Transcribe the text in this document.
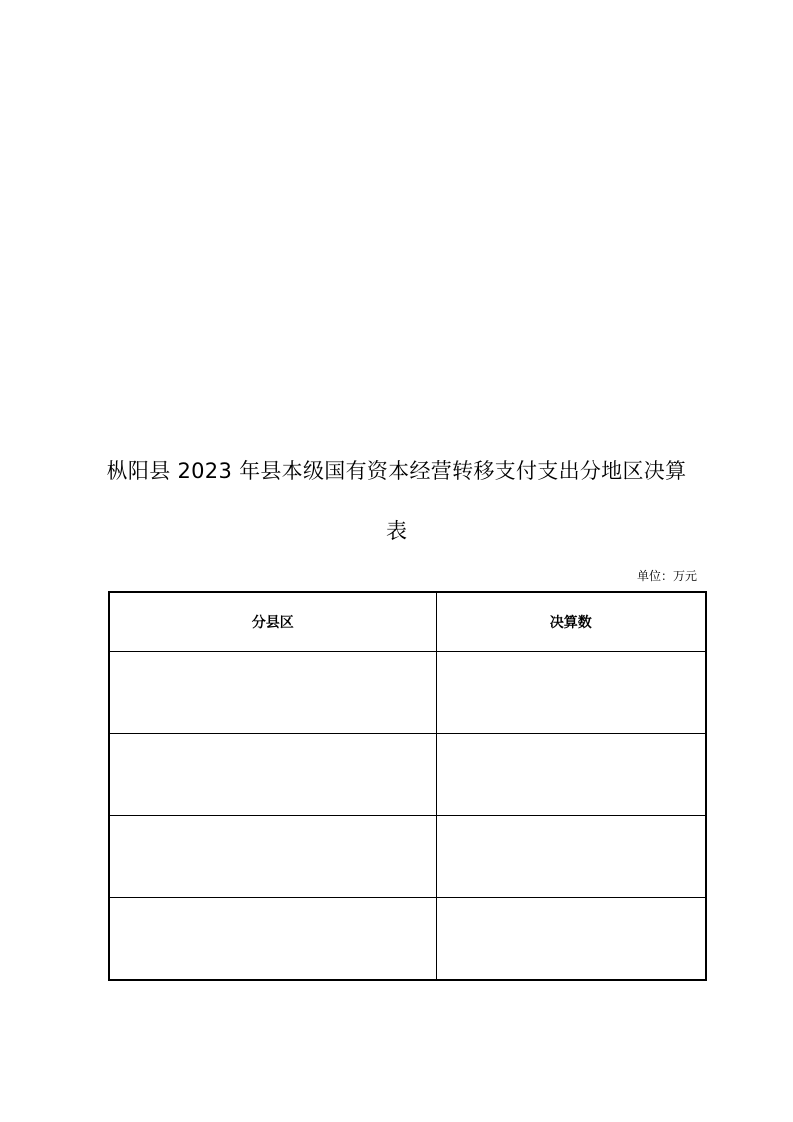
枞阳县 2023 年县本级国有资本经营转移支付支出分地区决算
表
单位：万元
分县区	决算数
